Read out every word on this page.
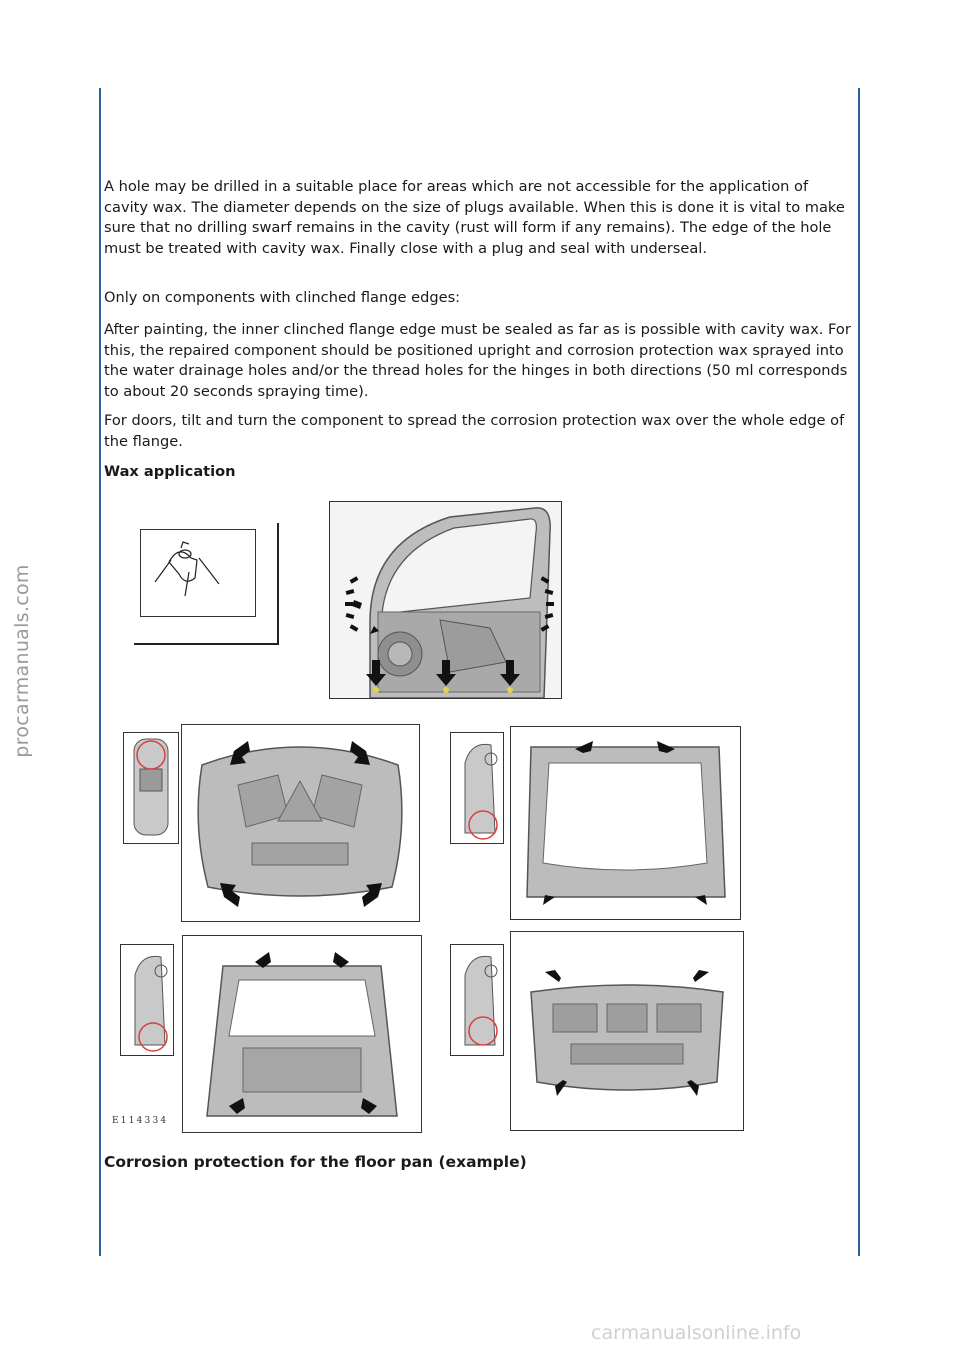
procarmanuals.com

A hole may be drilled in a suitable place for areas which are not accessible for the application of cavity wax. The diameter depends on the size of plugs available. When this is done it is vital to make sure that no drilling swarf remains in the cavity (rust will form if any remains). The edge of the hole must be treated with cavity wax. Finally close with a plug and seal with underseal.

Only on components with clinched flange edges:

After painting, the inner clinched flange edge must be sealed as far as is possible with cavity wax. For this, the repaired component should be positioned upright and corrosion protection wax sprayed into the water drainage holes and/or the thread holes for the hinges in both directions (50 ml corresponds to about 20 seconds spraying time).

For doors, tilt and turn the component to spread the corrosion protection wax over the whole edge of the flange.

Wax application

E114334

Corrosion protection for the floor pan (example)

carmanualsonline.info
